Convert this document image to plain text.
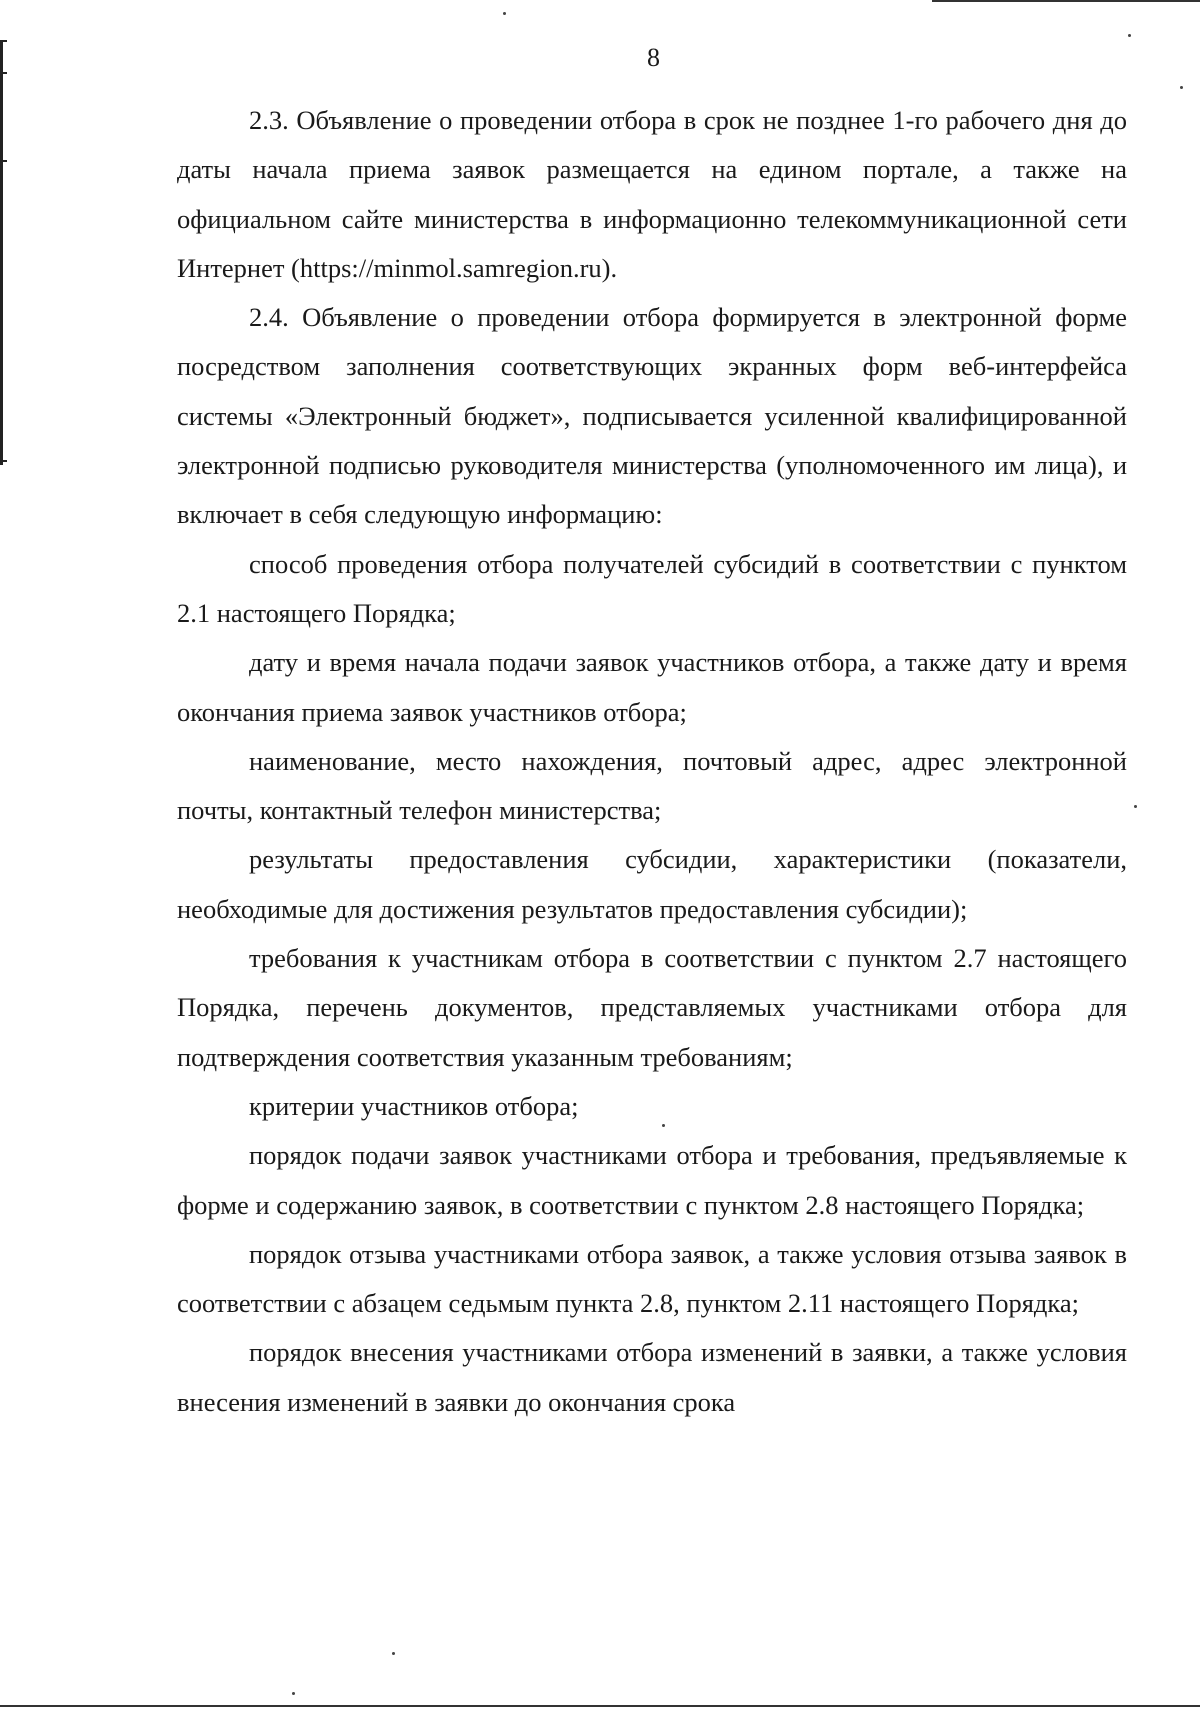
8

2.3. Объявление о проведении отбора в срок не позднее 1-го рабочего дня до даты начала приема заявок размещается на едином портале, а также на официальном сайте министерства в информационно телекоммуникационной сети Интернет (https://minmol.samregion.ru).

2.4. Объявление о проведении отбора формируется в электронной форме посредством заполнения соответствующих экранных форм веб-интерфейса системы «Электронный бюджет», подписывается усиленной квалифицированной электронной подписью руководителя министерства (уполномоченного им лица), и включает в себя следующую информацию:

способ проведения отбора получателей субсидий в соответствии с пунктом 2.1 настоящего Порядка;

дату и время начала подачи заявок участников отбора, а также дату и время окончания приема заявок участников отбора;

наименование, место нахождения, почтовый адрес, адрес электронной почты, контактный телефон министерства;

результаты предоставления субсидии, характеристики (показатели, необходимые для достижения результатов предоставления субсидии);

требования к участникам отбора в соответствии с пунктом 2.7 настоящего Порядка, перечень документов, представляемых участниками отбора для подтверждения соответствия указанным требованиям;

критерии участников отбора;

порядок подачи заявок участниками отбора и требования, предъявляемые к форме и содержанию заявок, в соответствии с пунктом 2.8 настоящего Порядка;

порядок отзыва участниками отбора заявок, а также условия отзыва заявок в соответствии с абзацем седьмым пункта 2.8, пунктом 2.11 настоящего Порядка;

порядок внесения участниками отбора изменений в заявки, а также условия внесения изменений в заявки до окончания срока
